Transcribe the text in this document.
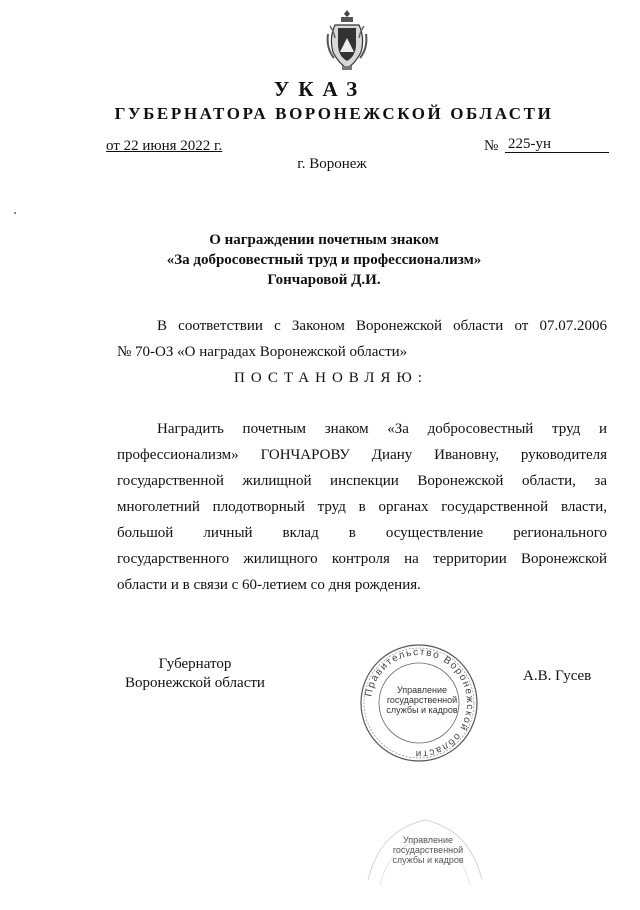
УКАЗ
ГУБЕРНАТОРА ВОРОНЕЖСКОЙ ОБЛАСТИ
от 22 июня 2022 г.	№ 225-ун
г. Воронеж
О награждении почетным знаком
«За добросовестный труд и профессионализм»
Гончаровой Д.И.
В соответствии с Законом Воронежской области от 07.07.2006
№ 70-ОЗ «О наградах Воронежской области»
ПОСТАНОВЛЯЮ:
Наградить почетным знаком «За добросовестный труд и
профессионализм» ГОНЧАРОВУ Диану Ивановну, руководителя
государственной жилищной инспекции Воронежской области, за
многолетний плодотворный труд в органах государственной власти,
большой личный вклад в осуществление регионального
государственного жилищного контроля на территории Воронежской
области и в связи с 60-летием со дня рождения.
Губернатор
Воронежской области
Правительство Воронежской области
Управление
государственной
службы и кадров
А.В. Гусев
Управление
государственной
службы и кадров
